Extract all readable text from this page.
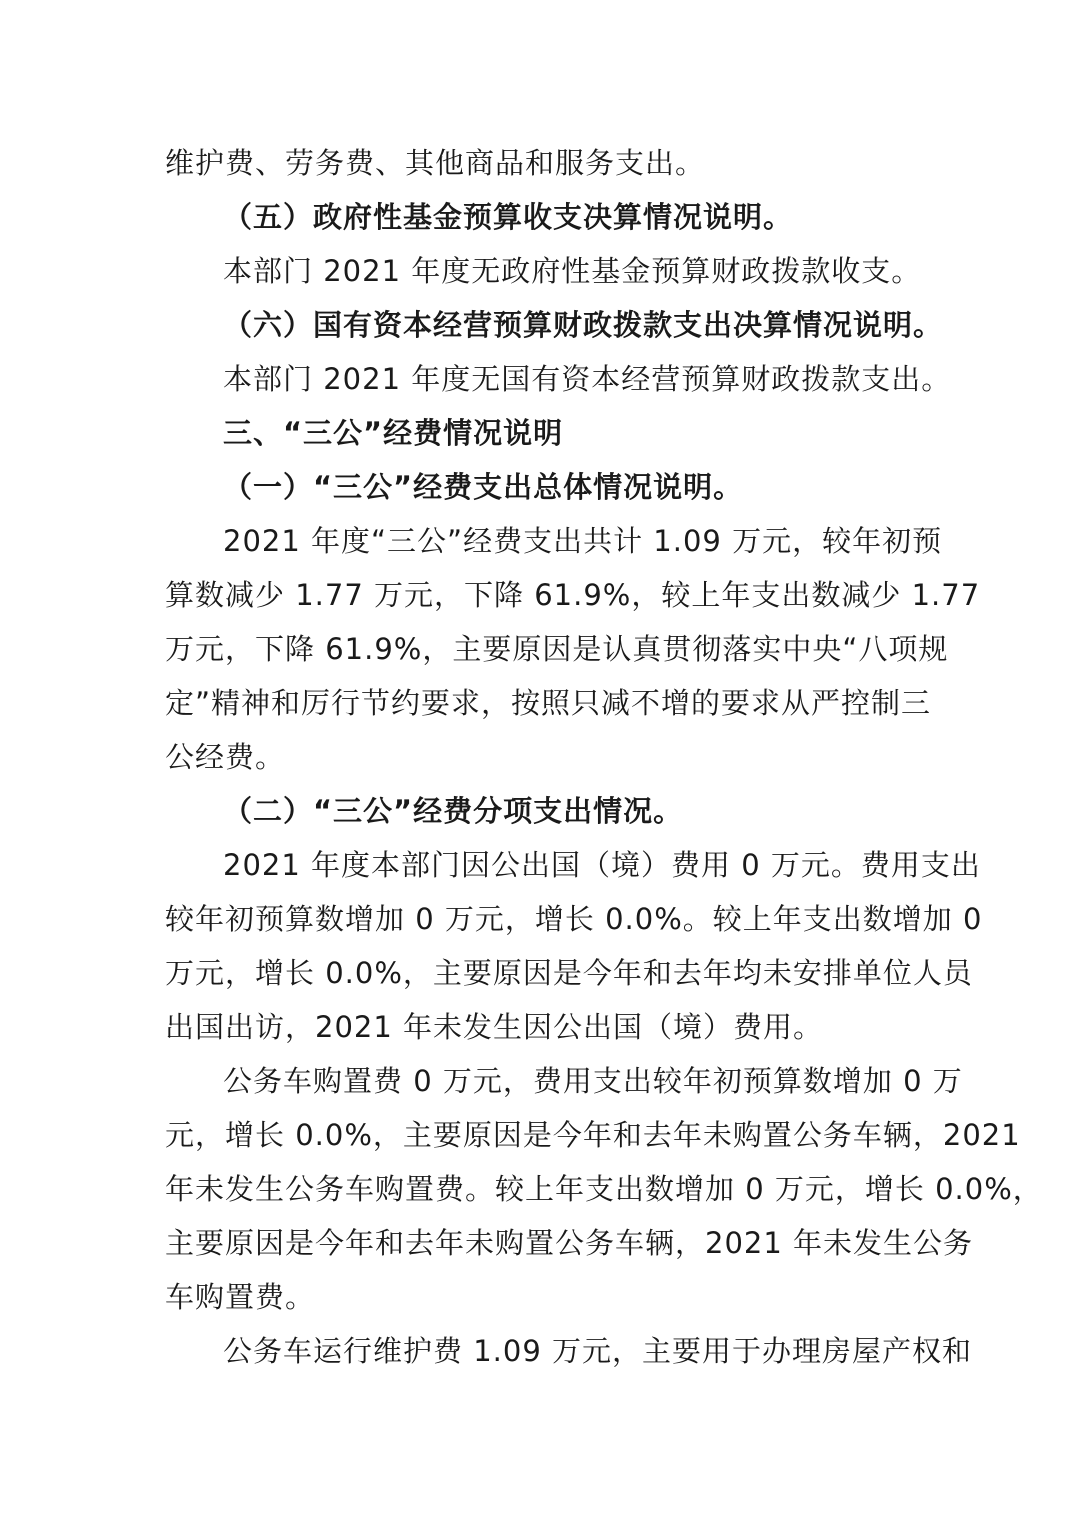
维护费、劳务费、其他商品和服务支出。
（五）政府性基金预算收支决算情况说明。
本部门 2021 年度无政府性基金预算财政拨款收支。
（六）国有资本经营预算财政拨款支出决算情况说明。
本部门 2021 年度无国有资本经营预算财政拨款支出。
三、“三公”经费情况说明
（一）“三公”经费支出总体情况说明。
2021 年度“三公”经费支出共计 1.09 万元，较年初预
算数减少 1.77 万元，下降 61.9%，较上年支出数减少 1.77
万元，下降 61.9%，主要原因是认真贯彻落实中央“八项规
定”精神和厉行节约要求，按照只减不增的要求从严控制三
公经费。
（二）“三公”经费分项支出情况。
2021 年度本部门因公出国（境）费用 0 万元。费用支出
较年初预算数增加 0 万元，增长 0.0%。较上年支出数增加 0
万元，增长 0.0%，主要原因是今年和去年均未安排单位人员
出国出访，2021 年未发生因公出国（境）费用。
公务车购置费 0 万元，费用支出较年初预算数增加 0 万
元，增长 0.0%，主要原因是今年和去年未购置公务车辆，2021
年未发生公务车购置费。较上年支出数增加 0 万元，增长 0.0%，
主要原因是今年和去年未购置公务车辆，2021 年未发生公务
车购置费。
公务车运行维护费 1.09 万元，主要用于办理房屋产权和
